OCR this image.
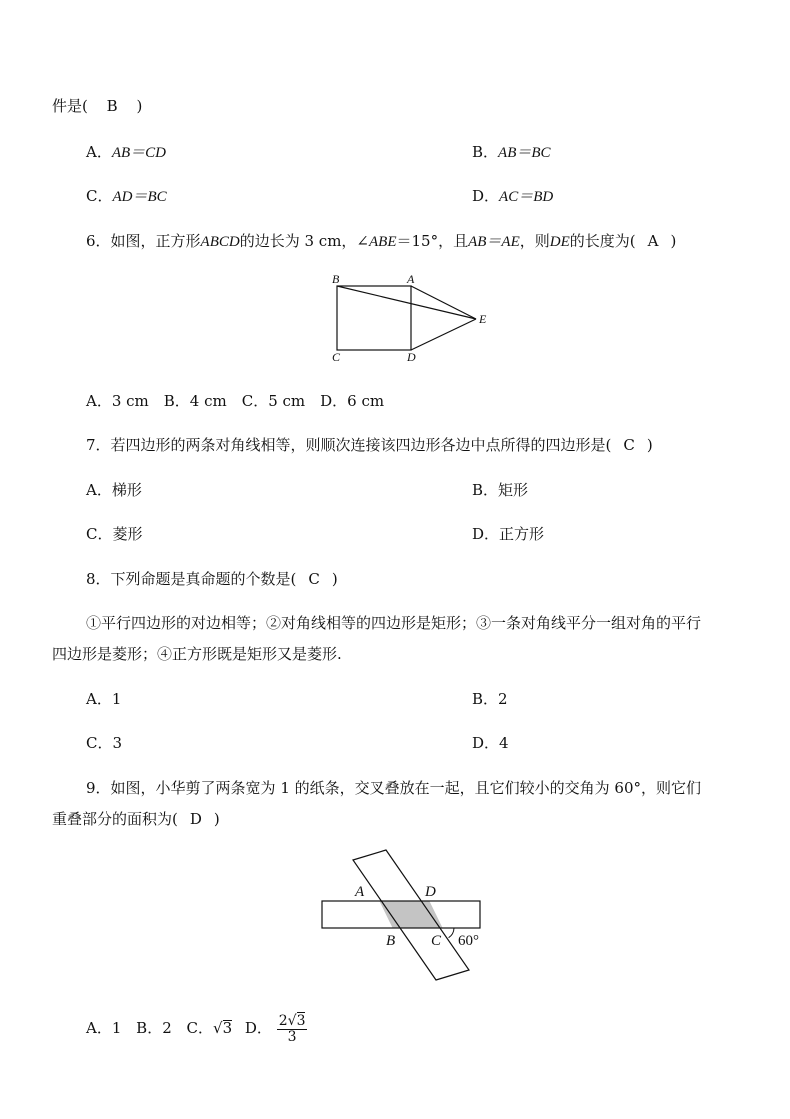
件是( B )
A．AB＝CD	B．AB＝BC
C．AD＝BC	D．AC＝BD
6．如图，正方形ABCD的边长为 3 cm，∠ABE＝15°，且AB＝AE，则DE的长度为( A )
B	A
E
C	D
A．3 cm　B．4 cm　C．5 cm　D．6 cm
7．若四边形的两条对角线相等，则顺次连接该四边形各边中点所得的四边形是( C )
A．梯形	B．矩形
C．菱形	D．正方形
8．下列命题是真命题的个数是( C )
①平行四边形的对边相等；②对角线相等的四边形是矩形；③一条对角线平分一组对角的平行
四边形是菱形；④正方形既是矩形又是菱形.
A．1	B．2
C．3	D．4
9．如图，小华剪了两条宽为 1 的纸条，交叉叠放在一起，且它们较小的交角为 60°，则它们
重叠部分的面积为( D )
A	D
B C 60°
A．1 B．2 C．√3 D． $\frac{2√3}{3}$
